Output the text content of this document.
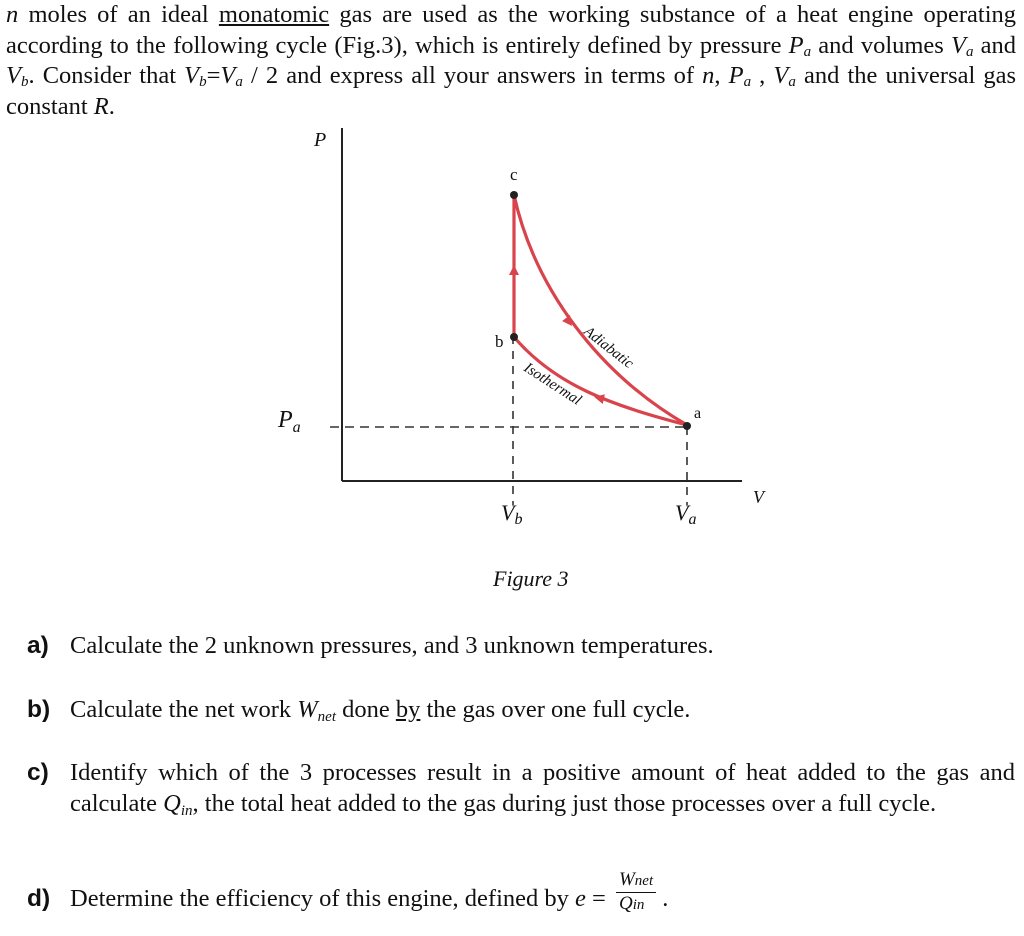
n moles of an ideal monatomic gas are used as the working substance of a heat engine operating according to the following cycle (Fig.3), which is entirely defined by pressure $P_a$ and volumes $V_a$ and $V_b$. Consider that $V_b=V_a / 2$ and express all your answers in terms of n, $P_a$ , $V_a$ and the universal gas constant R.
P
V
c
b
a
$P_a$
Vb	Va
Adiabatic
Isothermal
Figure 3
a) Calculate the 2 unknown pressures, and 3 unknown temperatures.
b) Calculate the net work $W_{net}$ done by the gas over one full cycle.
c) Identify which of the 3 processes result in a positive amount of heat added to the gas and calculate $Q_{in}$, the total heat added to the gas during just those processes over a full cycle.
d) Determine the efficiency of this engine, defined by $e = \frac{\text{Wnet}}{\text{Qin}}$ .
